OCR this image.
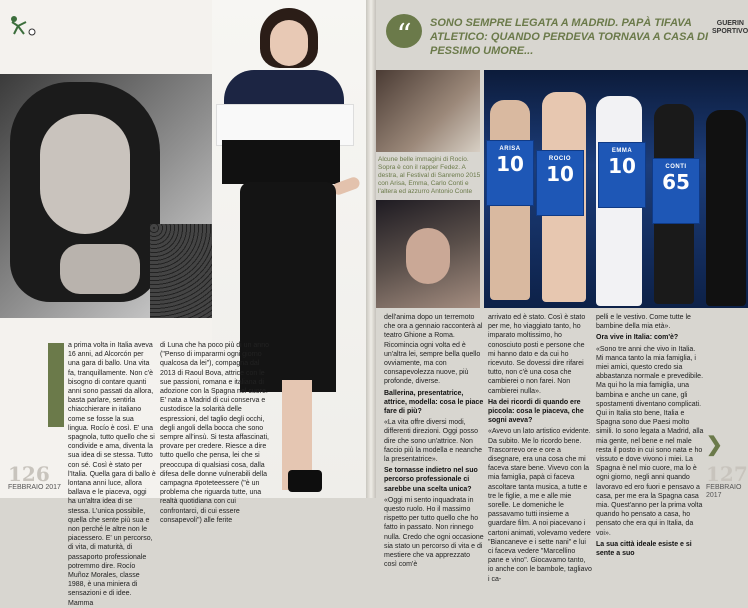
a prima volta in Italia aveva 16 anni, ad Alcorcón per una gara di ballo. Una vita fa, tranquillamente. Non c'è bisogno di contare quanti anni sono passati da allora, basta parlare, sentirla chiacchierare in italiano come se fosse la sua lingua. Rocío è così. E' una spagnola, tutto quello che si condivide e ama, diventa la sua idea di se stessa. Tutto con sé. Così è stato per l'Italia. Quella gara di ballo è lontana anni luce, allora ballava e le piaceva, oggi ha un'altra idea di se stessa. L'unica possibile, quella che sente più sua e non perché le altre non le piacessero. E' un percorso, di vita, di maturità, di passaporto professionale potremmo dire. Rocío Muñoz Morales, classe 1988, è una miniera di sensazioni e di idee. Mamma

di Luna che ha poco più di un anno ("Penso di impararmi ogni giorno qualcosa da lei"), compagna dal 2013 di Raoul Bova, attrice con le sue passioni, romana e italiana di adozione con la Spagna nel cuore. E' nata a Madrid di cui conserva e custodisce la solarità delle espressioni, del taglio degli occhi, degli angoli della bocca che sono sempre all'insù. Si testa affascinati, provare per credere. Riesce a dire tutto quello che pensa, lei che si preoccupa di qualsiasi cosa, dalla difesa delle donne vulnerabili della campagna #poteteessere ("è un problema che riguarda tutte, una realtà quotidiana con cui confrontarci, di cui essere consapevoli") alle ferite

126
FEBBRAIO 2017
“	SONO SEMPRE LEGATA A MADRID. PAPÀ TIFAVA ATLETICO: QUANDO PERDEVA TORNAVA A CASA DI PESSIMO UMORE...
GUERIN SPORTIVO
Alcune belle immagini di Rocío. Sopra è con il rapper Fedez. A destra, al Festival di Sanremo 2015 con Arisa, Emma, Carlo Conti e l'altera ed azzurro Antonio Conte
ARISA
10	ROCIO
10
EMMA
10	CONTI
65

dell'anima dopo un terremoto che ora a gennaio racconterà al teatro Ghione a Roma. Ricomincia ogni volta ed è un'altra lei, sempre bella quello ovviamente, ma con consapevolezza nuove, più profonde, diverse.

Ballerina, presentatrice, attrice, modella: cosa le piace fare di più?

«La vita offre diversi modi, differenti direzioni. Oggi posso dire che sono un'attrice. Non faccio più la modella e neanche la presentatrice».

Se tornasse indietro nel suo percorso professionale ci sarebbe una scelta unica?

«Oggi mi sento inquadrata in questo ruolo. Ho il massimo rispetto per tutto quello che ho fatto in passato. Non rinnego nulla. Credo che ogni occasione sia stato un percorso di vita e di mestiere che va apprezzato così com'è

arrivato ed è stato. Così è stato per me, ho viaggiato tanto, ho imparato moltissimo, ho conosciuto posti e persone che mi hanno dato e da cui ho ricevuto. Se dovessi dire rifarei tutto, non c'è una cosa che cambierei o non farei. Non cambierei nulla».

Ha dei ricordi di quando ere piccola: cosa le piaceva, che sogni aveva?

«Avevo un lato artistico evidente. Da subito. Me lo ricordo bene. Trascorrevo ore e ore a disegnare, era una cosa che mi faceva stare bene. Vivevo con la mia famiglia, papà ci faceva ascoltare tanta musica, a tutte e tre le figlie, a me e alle mie sorelle. Le domeniche le passavamo tutti insieme a guardare film. A noi piacevano i cartoni animati, volevamo vedere "Biancaneve e i sette nani" e lui ci faceva vedere "Marcellino pane e vino". Giocavamo tanto, io anche con le bambole, tagliavo i ca-

pelli e le vestivo. Come tutte le bambine della mia età».

Ora vive in Italia: com'è?

«Sono tre anni che vivo in Italia. Mi manca tanto la mia famiglia, i miei amici, questo credo sia abbastanza normale e prevedibile. Ma qui ho la mia famiglia, una bambina e anche un cane, gli spostamenti diventano complicati. Qui in Italia sto bene, Italia e Spagna sono due Paesi molto simili. Io sono legata a Madrid, alla mia gente, nel bene e nel male resta il posto in cui sono nata e ho vissuto e dove vivono i miei. La Spagna è nel mio cuore, ma lo è ogni giorno, negli anni quando lavoravo ed ero fuori e pensavo a casa, per me era la Spagna casa mia. Quest'anno per la prima volta quando ho pensato a casa, ho pensato che era qui in Italia, da voi».

La sua città ideale esiste e si sente a suo

❯
127
FEBBRAIO 2017
